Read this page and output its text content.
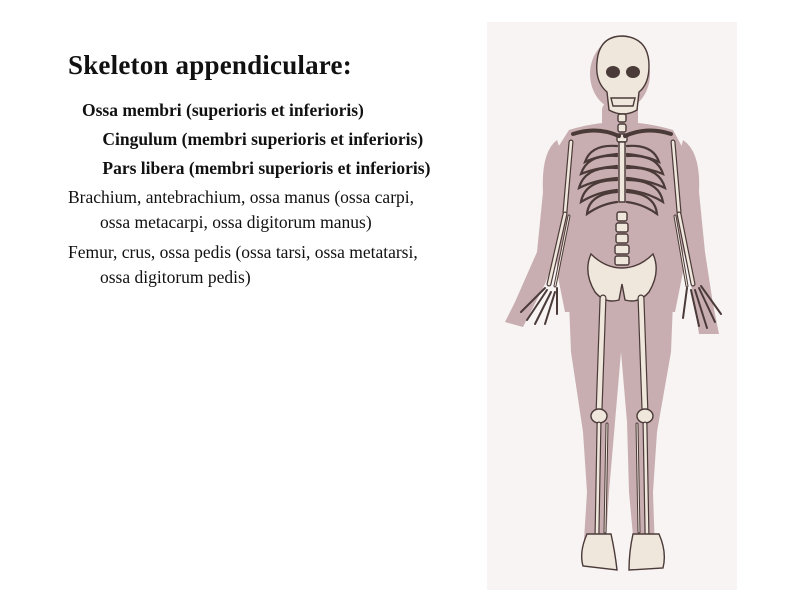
Skeleton appendiculare:
Ossa membri (superioris et inferioris)
Cingulum (membri superioris et inferioris)
Pars libera (membri superioris et inferioris)
Brachium, antebrachium, ossa manus (ossa carpi, ossa metacarpi, ossa digitorum manus)
Femur, crus, ossa pedis (ossa tarsi, ossa metatarsi, ossa digitorum pedis)
